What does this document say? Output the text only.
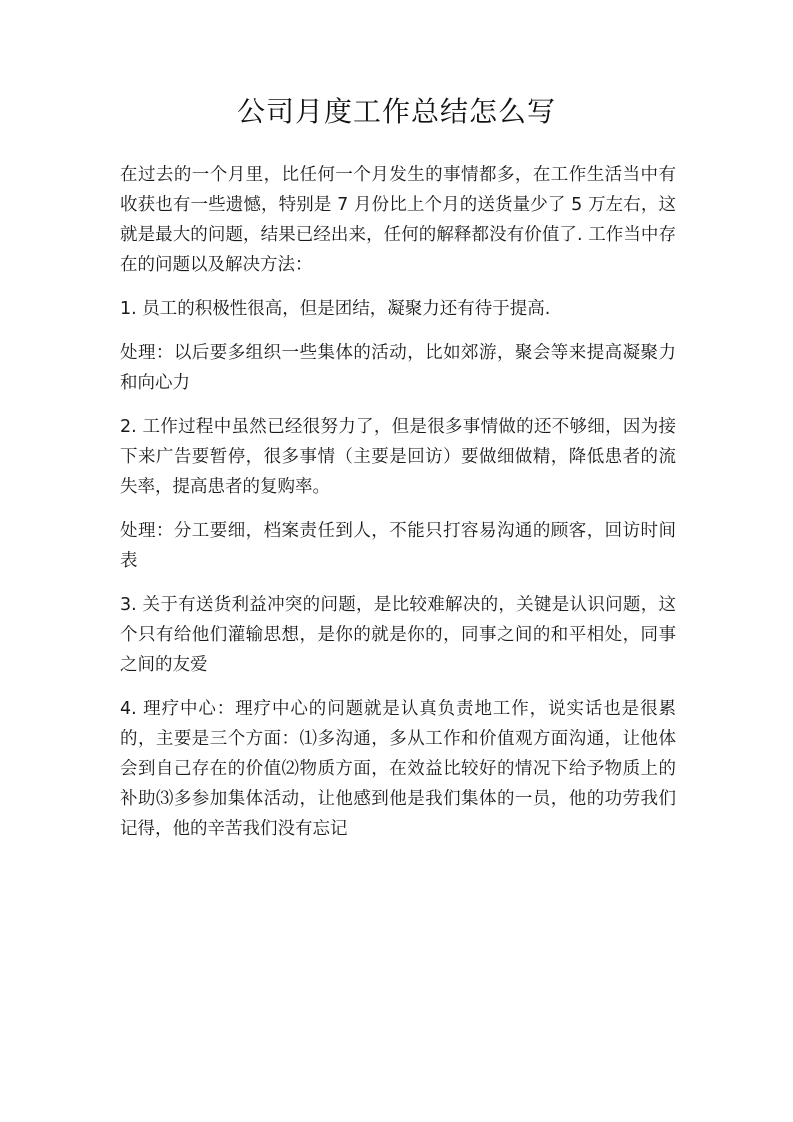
公司月度工作总结怎么写

在过去的一个月里，比任何一个月发生的事情都多，在工作生活当中有收获也有一些遗憾，特别是 7 月份比上个月的送货量少了 5 万左右，这就是最大的问题，结果已经出来，任何的解释都没有价值了. 工作当中存在的问题以及解决方法：

1. 员工的积极性很高，但是团结，凝聚力还有待于提高.

处理：以后要多组织一些集体的活动，比如郊游，聚会等来提高凝聚力和向心力

2. 工作过程中虽然已经很努力了，但是很多事情做的还不够细，因为接下来广告要暂停，很多事情（主要是回访）要做细做精，降低患者的流失率，提高患者的复购率。

处理：分工要细，档案责任到人，不能只打容易沟通的顾客，回访时间表

3. 关于有送货利益冲突的问题，是比较难解决的，关键是认识问题，这个只有给他们灌输思想，是你的就是你的，同事之间的和平相处，同事之间的友爱

4. 理疗中心：理疗中心的问题就是认真负责地工作，说实话也是很累的，主要是三个方面：⑴多沟通，多从工作和价值观方面沟通，让他体会到自己存在的价值⑵物质方面，在效益比较好的情况下给予物质上的补助⑶多参加集体活动，让他感到他是我们集体的一员，他的功劳我们记得，他的辛苦我们没有忘记
